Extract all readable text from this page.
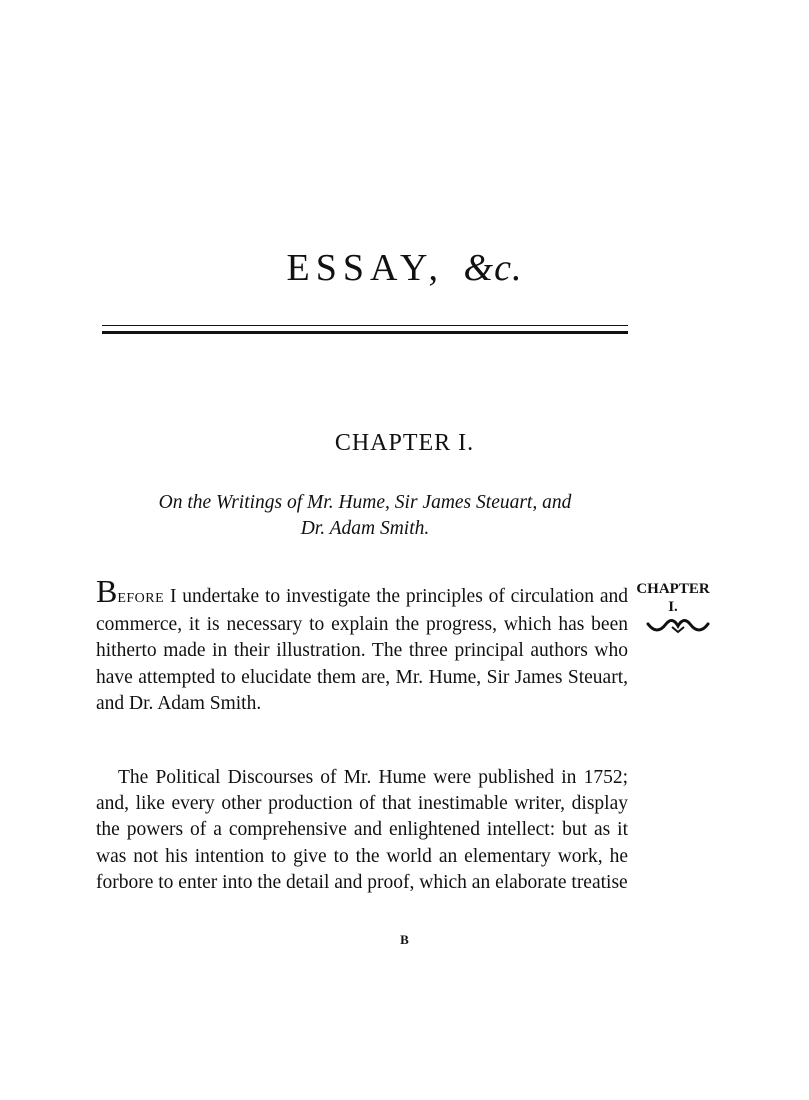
ESSAY, &c.
CHAPTER I.
On the Writings of Mr. Hume, Sir James Steuart, and
Dr. Adam Smith.
BEFORE I undertake to investigate the principles of circulation and commerce, it is necessary to explain the progress, which has been hitherto made in their illustration. The three principal authors who have attempted to elucidate them are, Mr. Hume, Sir James Steuart, and Dr. Adam Smith.
CHAPTER
I.
The Political Discourses of Mr. Hume were published in 1752; and, like every other production of that inestimable writer, display the powers of a comprehensive and enlightened intellect: but as it was not his intention to give to the world an elementary work, he forbore to enter into the detail and proof, which an elaborate treatise
B
